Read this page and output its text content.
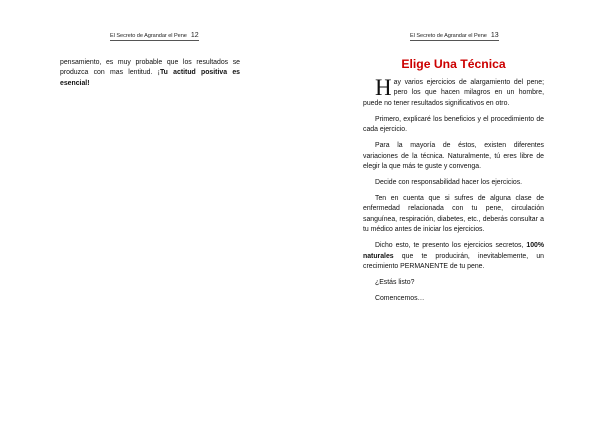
El Secreto de Agrandar el Pene 12

pensamiento, es muy probable que los resultados se produzca con mas lentitud. ¡Tu actitud positiva es esencial!

El Secreto de Agrandar el Pene 13
Elige Una Técnica

Hay varios ejercicios de alargamiento del pene; pero los que hacen milagros en un hombre, puede no tener resultados significativos en otro.

Primero, explicaré los beneficios y el procedimiento de cada ejercicio.

Para la mayoría de éstos, existen diferentes variaciones de la técnica. Naturalmente, tú eres libre de elegir la que más te guste y convenga.

Decide con responsabilidad hacer los ejercicios.

Ten en cuenta que si sufres de alguna clase de enfermedad relacionada con tu pene, circulación sanguínea, respiración, diabetes, etc., deberás consultar a tu médico antes de iniciar los ejercicios.

Dicho esto, te presento los ejercicios secretos, 100% naturales que te producirán, inevitablemente, un crecimiento PERMANENTE de tu pene.

¿Estás listo?

Comencemos…
